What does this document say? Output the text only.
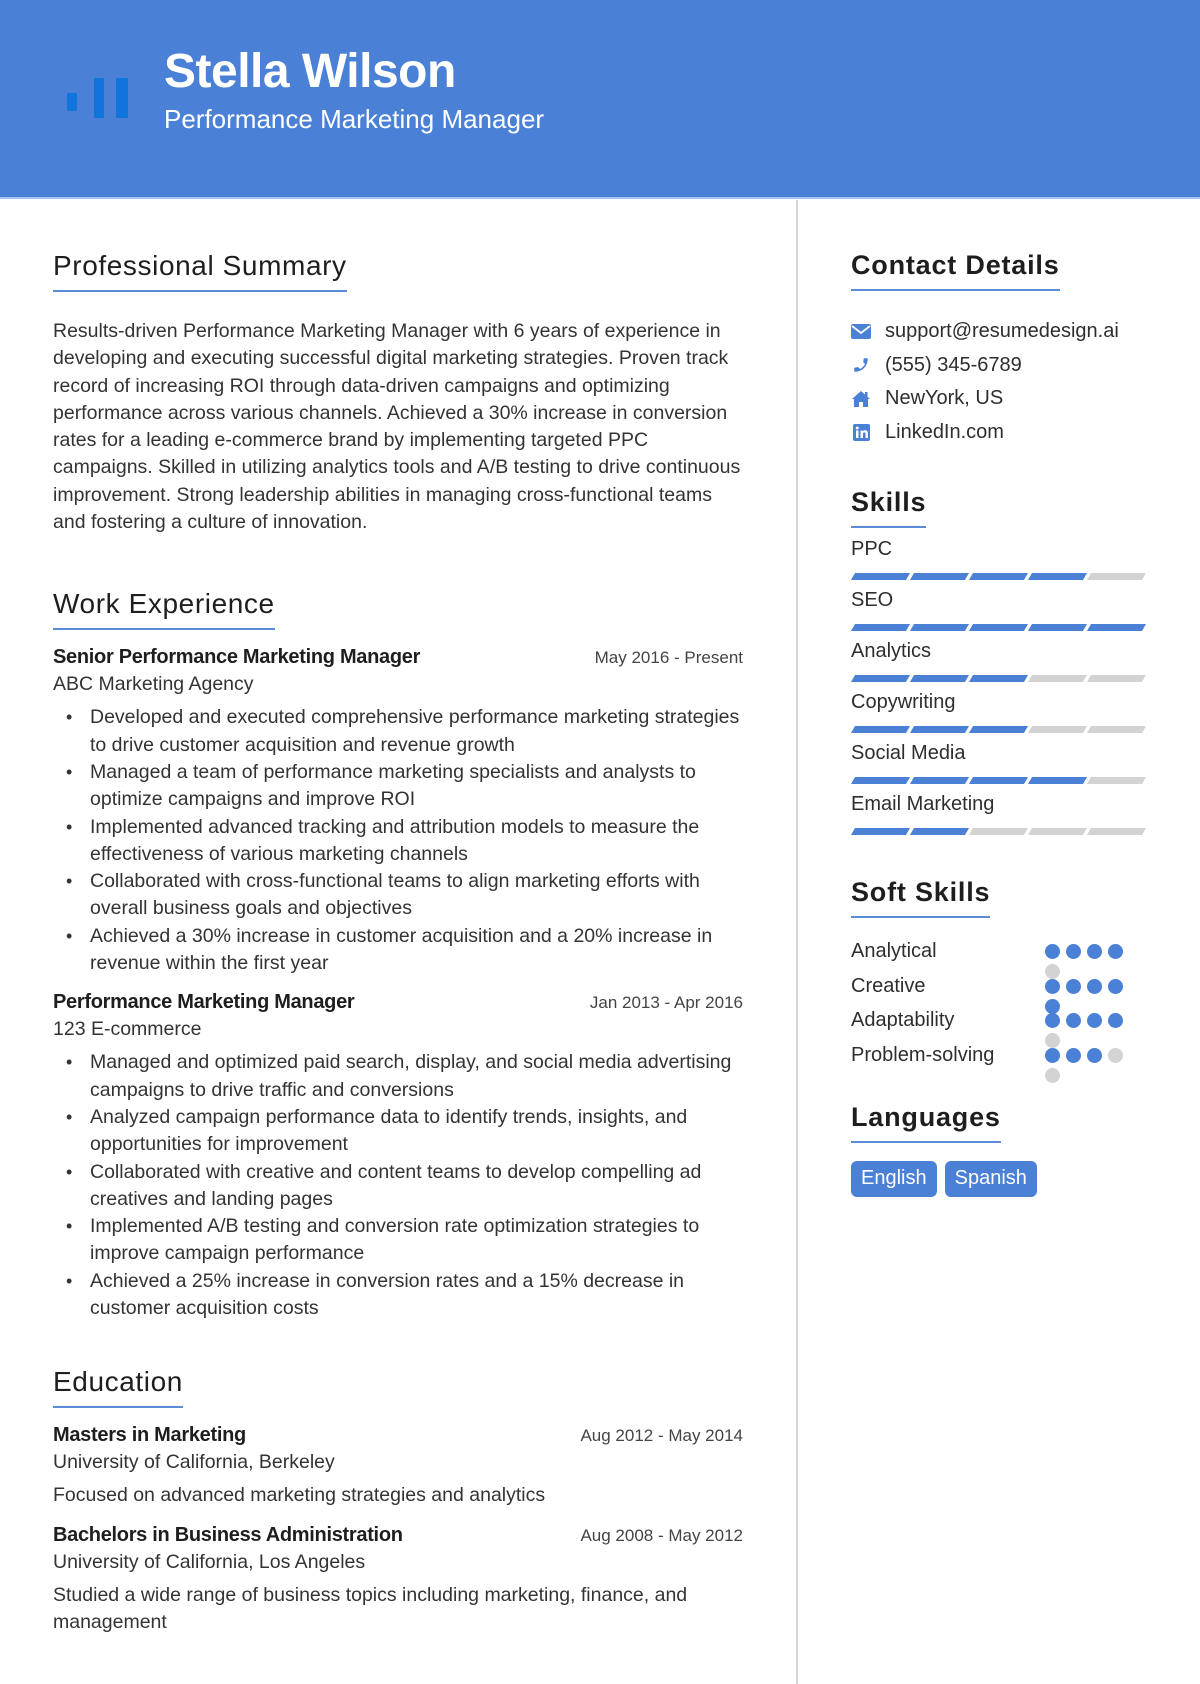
Stella Wilson
Performance Marketing Manager
Professional Summary

Results-driven Performance Marketing Manager with 6 years of experience in developing and executing successful digital marketing strategies. Proven track record of increasing ROI through data-driven campaigns and optimizing performance across various channels. Achieved a 30% increase in conversion rates for a leading e-commerce brand by implementing targeted PPC campaigns. Skilled in utilizing analytics tools and A/B testing to drive continuous improvement. Strong leadership abilities in managing cross-functional teams and fostering a culture of innovation.

Work Experience
Senior Performance Marketing Manager	May 2016 - Present
ABC Marketing Agency
• Developed and executed comprehensive performance marketing strategies to drive customer acquisition and revenue growth
• Managed a team of performance marketing specialists and analysts to optimize campaigns and improve ROI
• Implemented advanced tracking and attribution models to measure the effectiveness of various marketing channels
• Collaborated with cross-functional teams to align marketing efforts with overall business goals and objectives
• Achieved a 30% increase in customer acquisition and a 20% increase in revenue within the first year
Performance Marketing Manager	Jan 2013 - Apr 2016
123 E-commerce
• Managed and optimized paid search, display, and social media advertising campaigns to drive traffic and conversions
• Analyzed campaign performance data to identify trends, insights, and opportunities for improvement
• Collaborated with creative and content teams to develop compelling ad creatives and landing pages
• Implemented A/B testing and conversion rate optimization strategies to improve campaign performance
• Achieved a 25% increase in conversion rates and a 15% decrease in customer acquisition costs
Education
Masters in Marketing	Aug 2012 - May 2014
University of California, Berkeley

Focused on advanced marketing strategies and analytics

Bachelors in Business Administration	Aug 2008 - May 2012
University of California, Los Angeles

Studied a wide range of business topics including marketing, finance, and management

Contact Details
support@resumedesign.ai
(555) 345-6789
NewYork, US
LinkedIn.com
Skills
PPC
SEO
Analytics
Copywriting
Social Media
Email Marketing
Soft Skills
Analytical
Creative
Adaptability
Problem-solving
Languages
English	Spanish
